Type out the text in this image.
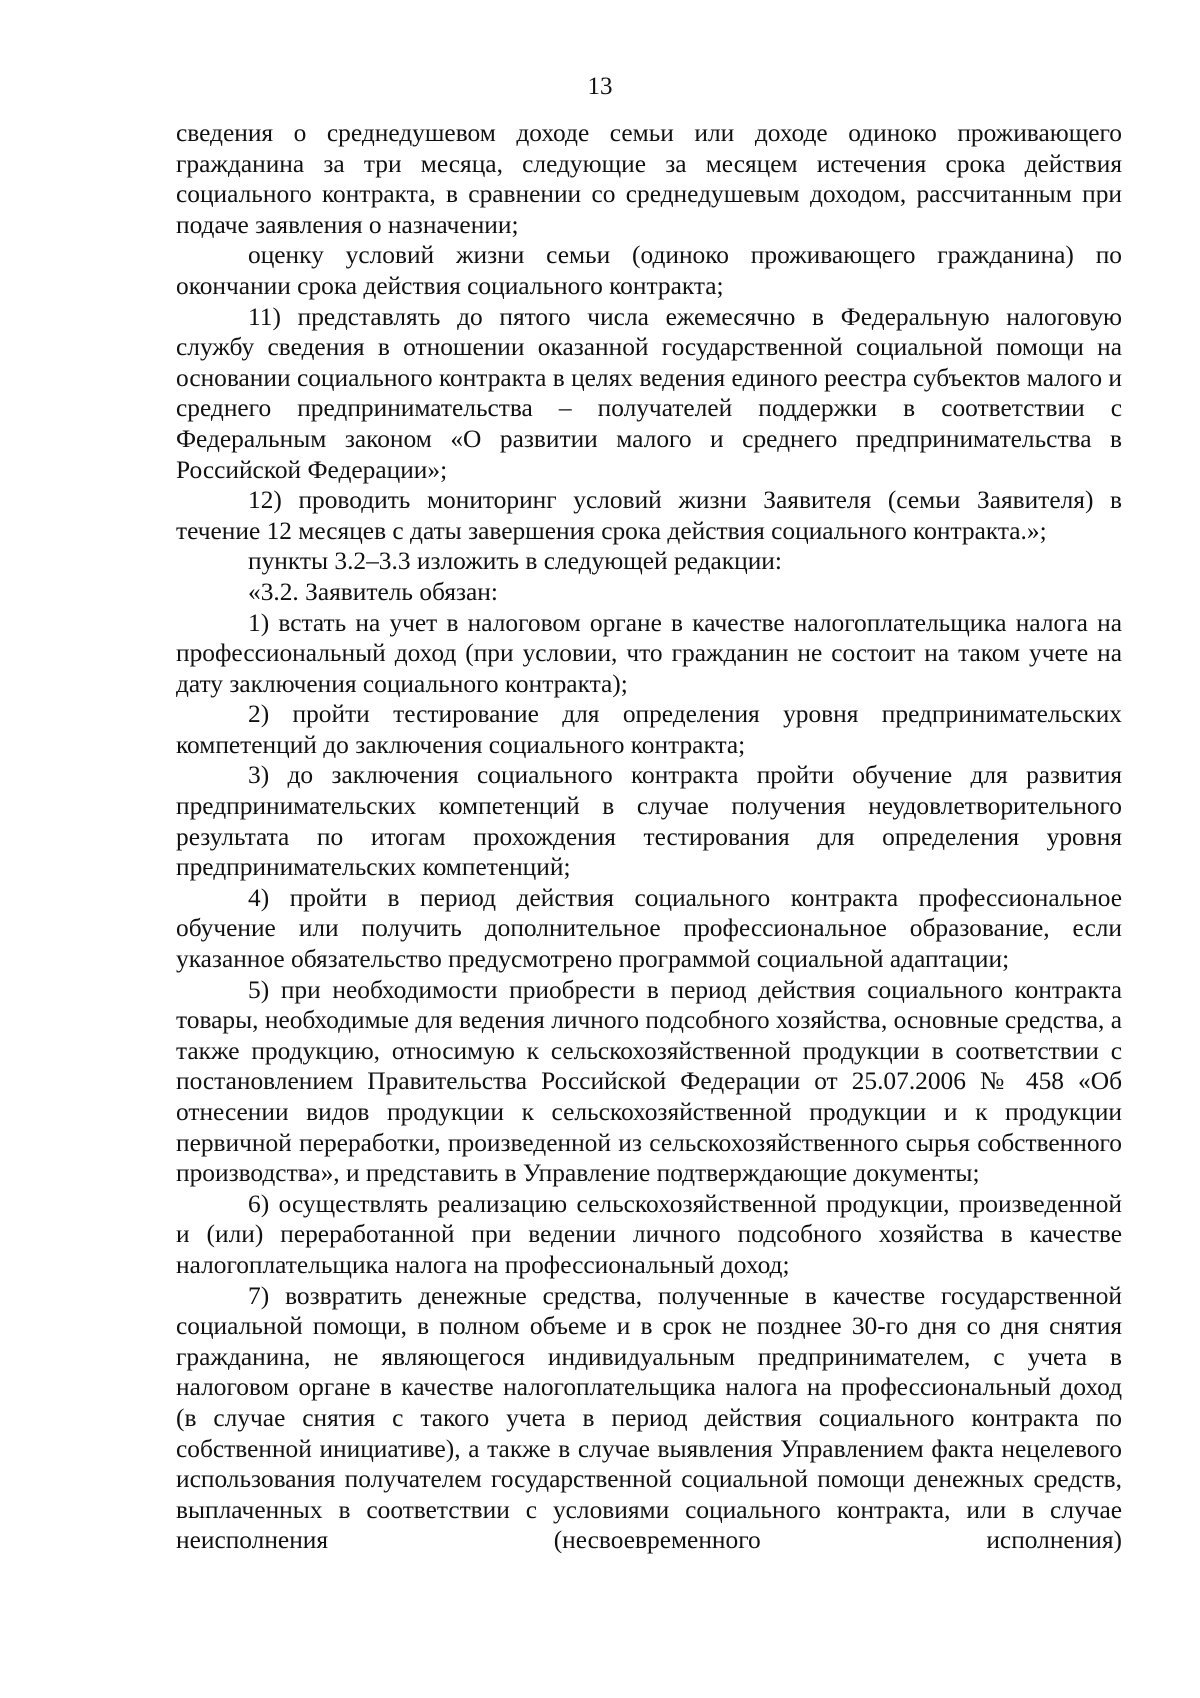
13

сведения о среднедушевом доходе семьи или доходе одиноко проживающего гражданина за три месяца, следующие за месяцем истечения срока действия социального контракта, в сравнении со среднедушевым доходом, рассчитанным при подаче заявления о назначении;

оценку условий жизни семьи (одиноко проживающего гражданина) по окончании срока действия социального контракта;

11) представлять до пятого числа ежемесячно в Федеральную налоговую службу сведения в отношении оказанной государственной социальной помощи на основании социального контракта в целях ведения единого реестра субъектов малого и среднего предпринимательства – получателей поддержки в соответствии с Федеральным законом «О развитии малого и среднего предпринимательства в Российской Федерации»;

12) проводить мониторинг условий жизни Заявителя (семьи Заявителя) в течение 12 месяцев с даты завершения срока действия социального контракта.»;

пункты 3.2–3.3 изложить в следующей редакции:

«3.2. Заявитель обязан:

1) встать на учет в налоговом органе в качестве налогоплательщика налога на профессиональный доход (при условии, что гражданин не состоит на таком учете на дату заключения социального контракта);

2) пройти тестирование для определения уровня предпринимательских компетенций до заключения социального контракта;

3) до заключения социального контракта пройти обучение для развития предпринимательских компетенций в случае получения неудовлетворительного результата по итогам прохождения тестирования для определения уровня предпринимательских компетенций;

4) пройти в период действия социального контракта профессиональное обучение или получить дополнительное профессиональное образование, если указанное обязательство предусмотрено программой социальной адаптации;

5) при необходимости приобрести в период действия социального контракта товары, необходимые для ведения личного подсобного хозяйства, основные средства, а также продукцию, относимую к сельскохозяйственной продукции в соответствии с постановлением Правительства Российской Федерации от 25.07.2006 № 458 «Об отнесении видов продукции к сельскохозяйственной продукции и к продукции первичной переработки, произведенной из сельскохозяйственного сырья собственного производства», и представить в Управление подтверждающие документы;

6) осуществлять реализацию сельскохозяйственной продукции, произведенной и (или) переработанной при ведении личного подсобного хозяйства в качестве налогоплательщика налога на профессиональный доход;

7) возвратить денежные средства, полученные в качестве государственной социальной помощи, в полном объеме и в срок не позднее 30-го дня со дня снятия гражданина, не являющегося индивидуальным предпринимателем, с учета в налоговом органе в качестве налогоплательщика налога на профессиональный доход (в случае снятия с такого учета в период действия социального контракта по собственной инициативе), а также в случае выявления Управлением факта нецелевого использования получателем государственной социальной помощи денежных средств, выплаченных в соответствии с условиями социального контракта, или в случае неисполнения (несвоевременного исполнения)
